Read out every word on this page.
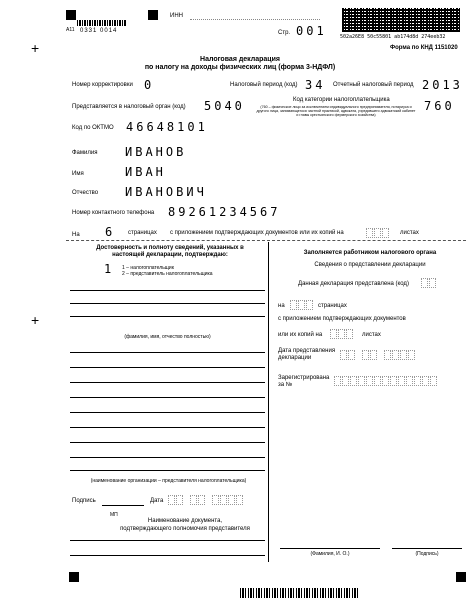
+
+
А11 0331 0014
ИНН
Стр. 001	502a26E8 50c55801 ab174d8d 274eeb32
Форма по КНД 1151020
Налоговая декларация
по налогу на доходы физических лиц (форма 3-НДФЛ)
Номер корректировки 0	Налоговый период (код) 34 Отчетный налоговый период 2013
Представляется в налоговый орган (код) 5040	Код категории налогоплательщика
(760 – физическое лицо за исключением индивидуального предпринимателя, нотариуса и другого лица, занимающегося частной практикой, адвоката, учредившего адвокатский кабинет и главы крестьянского фермерского хозяйства)
760
Код по ОКТМО 46648101
Фамилия ИВАНОВ
Имя	ИВАН
Отчество ИВАНОВИЧ
Номер контактного телефона 89261234567
На 6 страницах с приложением подтверждающих документов или их копий на	листах
Достоверность и полноту сведений, указанных в настоящей декларации, подтверждаю:
1 1 – налогоплательщик
2 – представитель налогоплательщика
(фамилия, имя, отчество полностью)
(наименование организации – представителя налогоплательщика)
Подпись	Дата
МП
Наименование документа,
подтверждающего полномочия представителя
Заполняется работником налогового органа
Сведения о представлении декларации
Данная декларация представлена (код)
на	страницах
с приложением подтверждающих документов
или их копий на	листах
Дата представления
декларации
Зарегистрирована
за №
(Фамилия, И. О.)	(Подпись)
